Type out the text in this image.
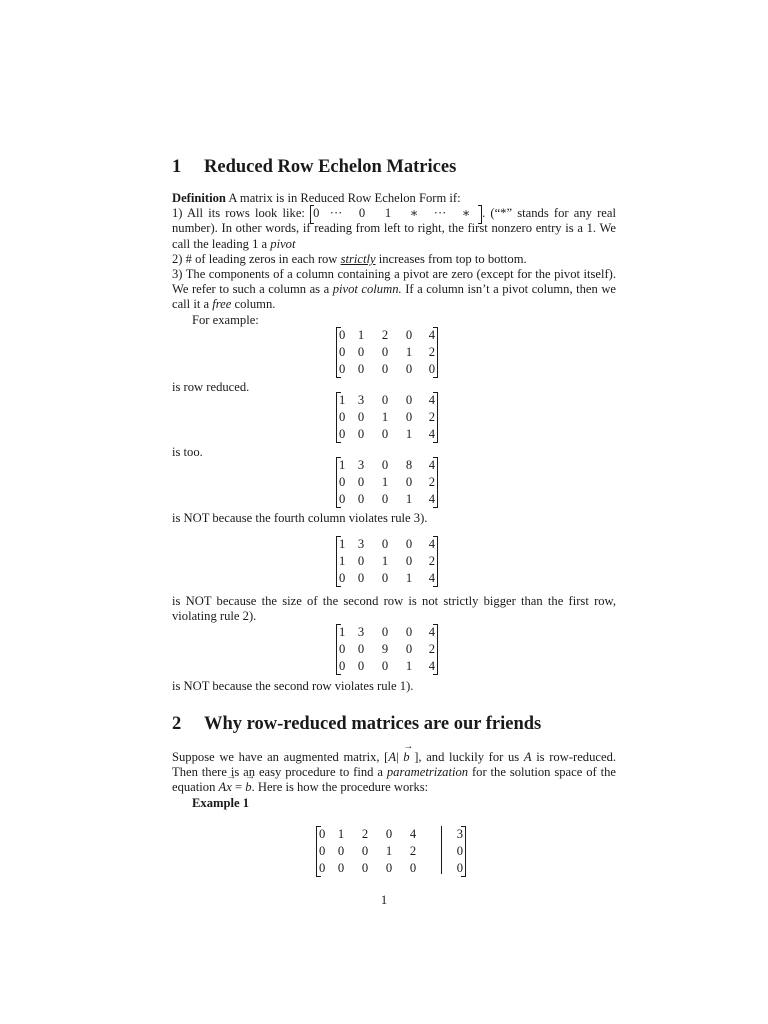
1 Reduced Row Echelon Matrices
Definition A matrix is in Reduced Row Echelon Form if:
1) All its rows look like: 0 ··· 0 1 ∗ ··· ∗ . (“*” stands for any real number). In other words, if reading from left to right, the first nonzero entry is a 1. We call the leading 1 a pivot
2) # of leading zeros in each row strictly increases from top to bottom.
3) The components of a column containing a pivot are zero (except for the pivot itself). We refer to such a column as a pivot column. If a column isn’t a pivot column, then we call it a free column.
For example:
0	1	2	0	4
0	0	0	1	2
0	0	0	0	0
is row reduced.
1	3	0	0	4
0	0	1	0	2
0	0	0	1	4
is too.
1	3	0	8	4
0	0	1	0	2
0	0	0	1	4
is NOT because the fourth column violates rule 3).
1	3	0	0	4
1	0	1	0	2
0	0	0	1	4
is NOT because the size of the second row is not strictly bigger than the first row, violating rule 2).
1	3	0	0	4
0	0	9	0	2
0	0	0	1	4
is NOT because the second row violates rule 1).
2 Why row-reduced matrices are our friends
Suppose we have an augmented matrix, [A| → b ], and luckily for us A is row-reduced. Then there is an easy procedure to find a parametrization for the solution space of the equation A→ x = → b. Here is how the procedure works:
Example 1
0	1	2	0	4		3
0	0	0	1	2		0
0	0	0	0	0		0
1
